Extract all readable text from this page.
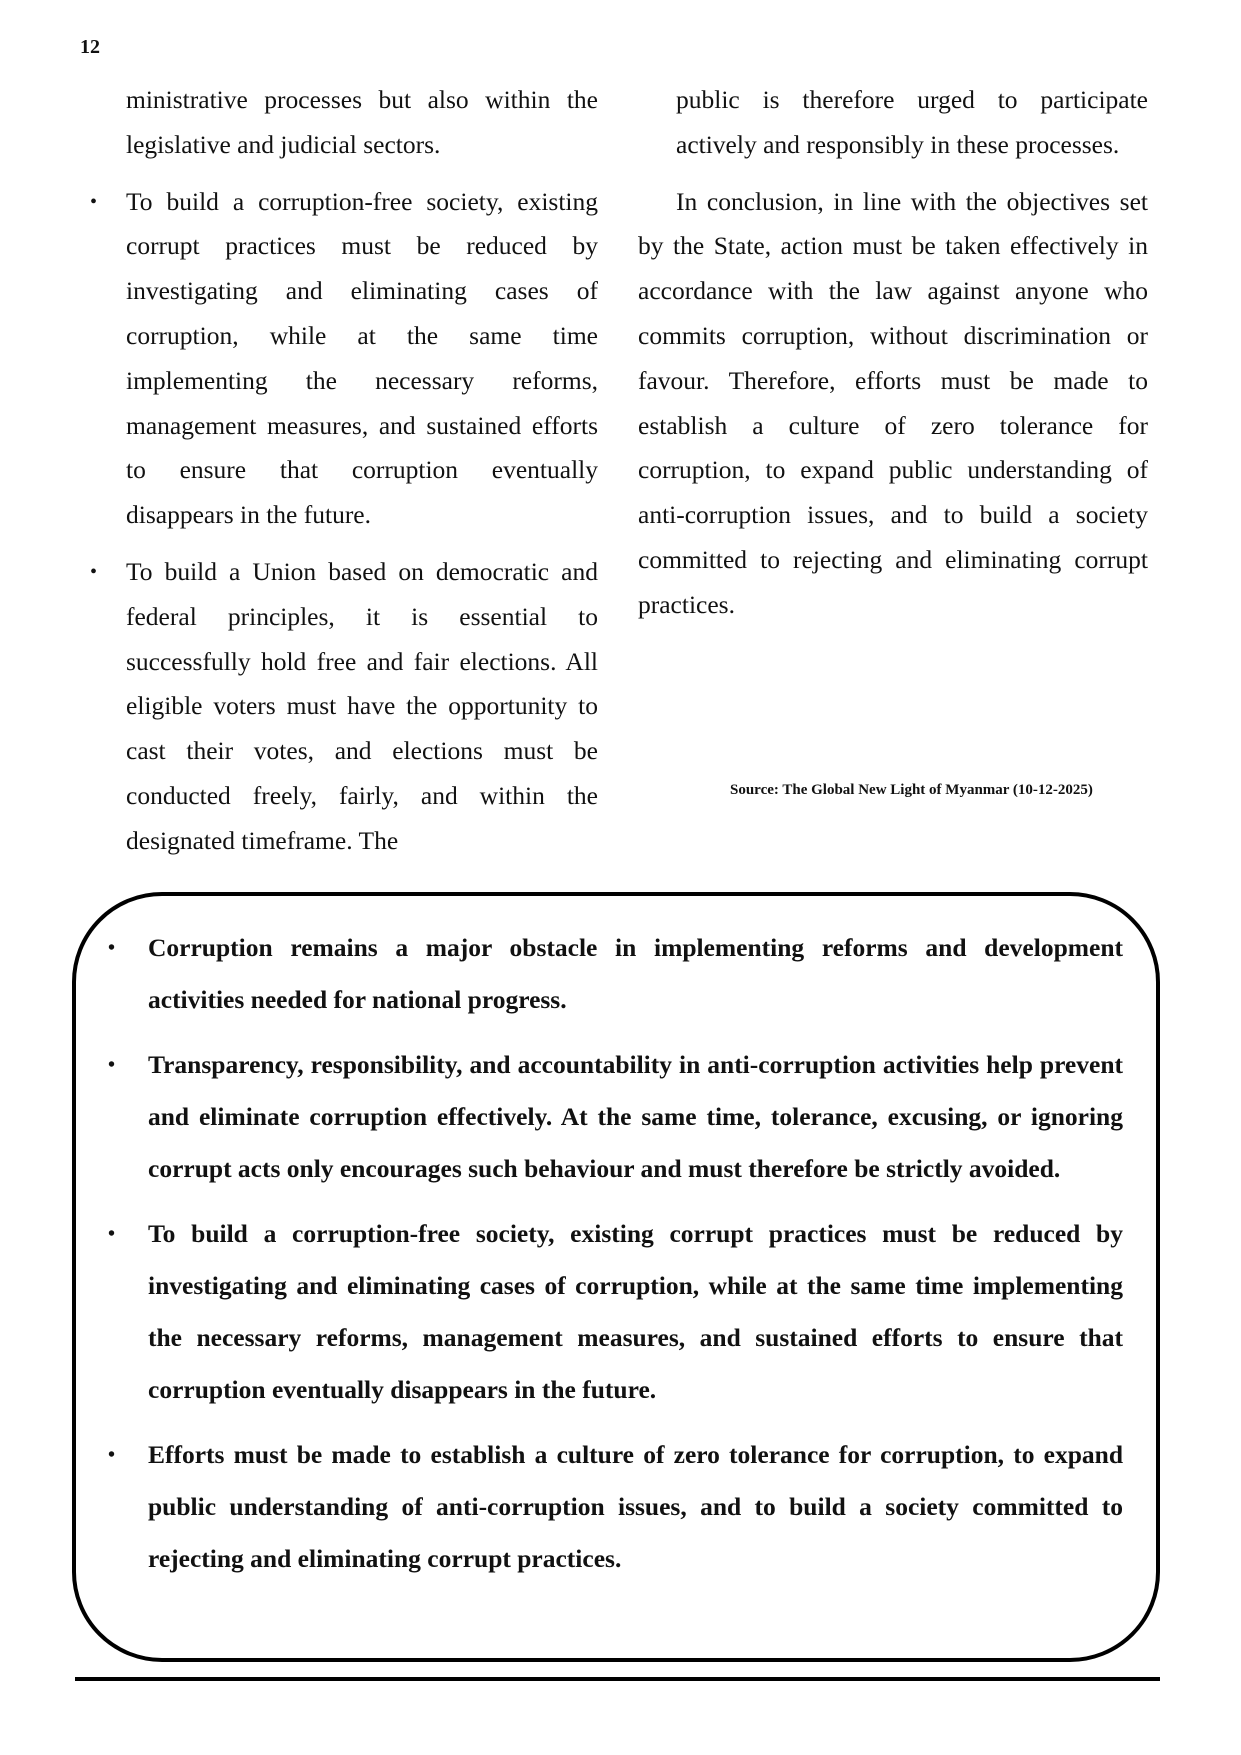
12

ministrative processes but also within the legislative and judicial sectors.

• To build a corruption-free society, existing corrupt practices must be reduced by investigating and eliminating cases of corruption, while at the same time implementing the necessary reforms, management measures, and sustained efforts to ensure that corruption eventually disappears in the future.

• To build a Union based on democratic and federal principles, it is essential to successfully hold free and fair elections. All eligible voters must have the opportunity to cast their votes, and elections must be conducted freely, fairly, and within the designated timeframe. The

public is therefore urged to participate actively and responsibly in these processes.

In conclusion, in line with the objectives set by the State, action must be taken effectively in accordance with the law against anyone who commits corruption, without discrimination or favour. Therefore, efforts must be made to establish a culture of zero tolerance for corruption, to expand public understanding of anti-corruption issues, and to build a society committed to rejecting and eliminating corrupt practices.

Source: The Global New Light of Myanmar (10-12-2025)
• Corruption remains a major obstacle in implementing reforms and development activities needed for national progress.
• Transparency, responsibility, and accountability in anti-corruption activities help prevent and eliminate corruption effectively. At the same time, tolerance, excusing, or ignoring corrupt acts only encourages such behaviour and must therefore be strictly avoided.
• To build a corruption-free society, existing corrupt practices must be reduced by investigating and eliminating cases of corruption, while at the same time implementing the necessary reforms, management measures, and sustained efforts to ensure that corruption eventually disappears in the future.
• Efforts must be made to establish a culture of zero tolerance for corruption, to expand public understanding of anti-corruption issues, and to build a society committed to rejecting and eliminating corrupt practices.
